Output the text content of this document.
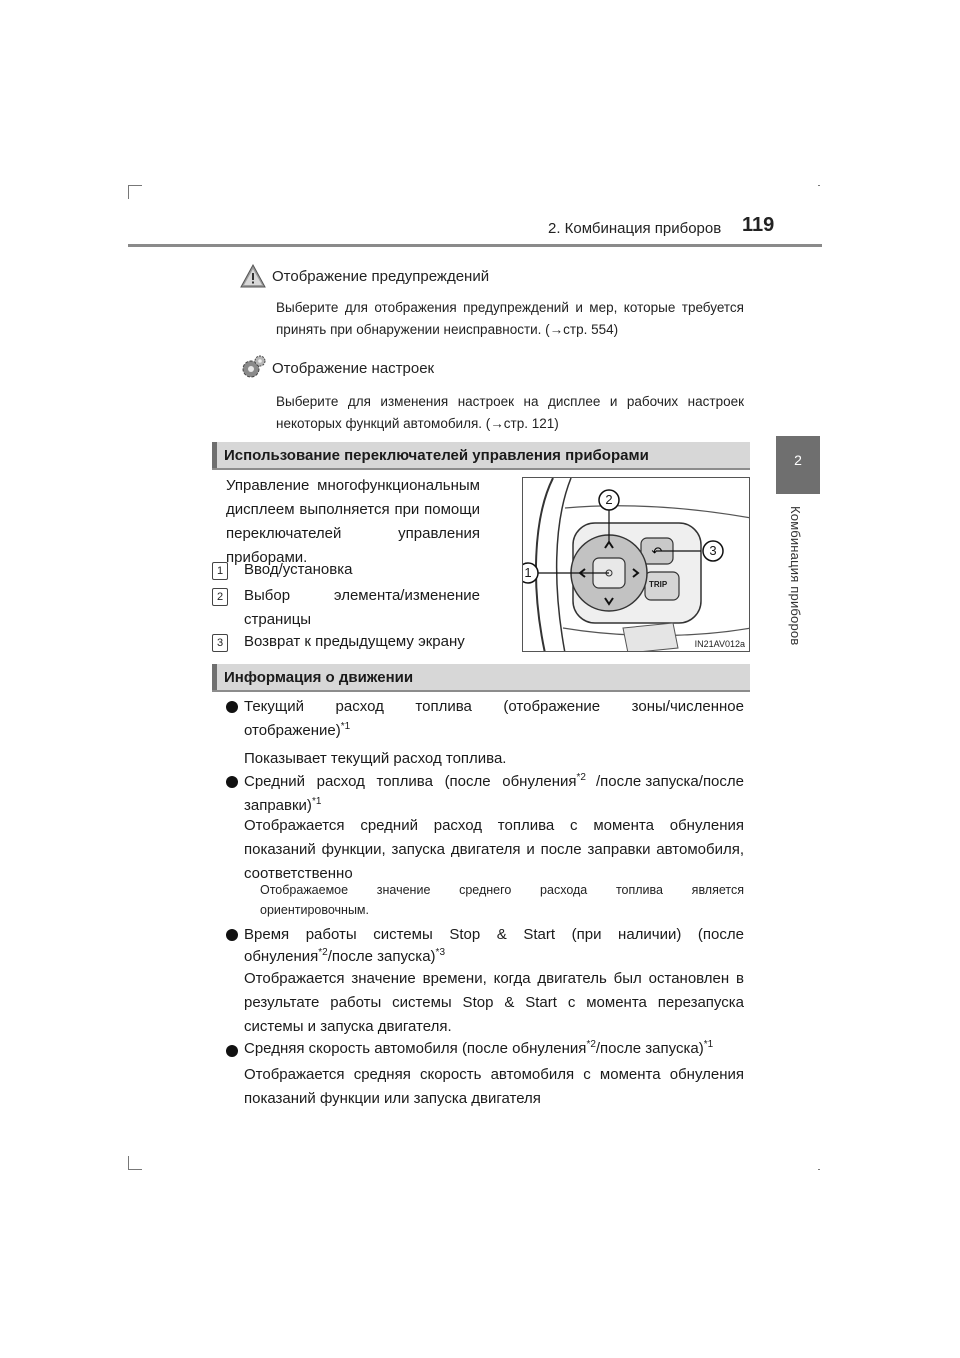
2. Комбинация приборов 119
2
Комбинация приборов
Отображение предупреждений
Выберите для отображения предупреждений и мер, которые требуется
принять при обнаружении неисправности. (→стр. 554)
Отображение настроек
Выберите для изменения настроек на дисплее и рабочих настроек
некоторых функций автомобиля. (→стр. 121)
Использование переключателей управления приборами
Управление многофункциональным
дисплеем выполняется при помощи
переключателей управления
приборами.
1	Ввод/установка
2	Выбор элемента/изменение
страницы
3	Возврат к предыдущему экрану
↶
2
1
3
TRIP
IN21AV012a
Информация о движении
Текущий расход топлива (отображение зоны/численное
отображение)$^{*1}$
Показывает текущий расход топлива.
Средний расход топлива (после обнуления $^{*2}$ /после запуска/после
заправки)$^{*1}$
Отображается средний расход топлива с момента обнуления
показаний функции, запуска двигателя и после заправки автомобиля,
соответственно
Отображаемое значение среднего расхода топлива является
ориентировочным.
Время работы системы Stop & Start (при наличии) (после
обнуления$^{*2}$/после запуска)$^{*3}$
Отображается значение времени, когда двигатель был остановлен в
результате работы системы Stop & Start с момента перезапуска
системы и запуска двигателя.
Средняя скорость автомобиля (после обнуления$^{*2}$/после запуска)$^{*1}$
Отображается средняя скорость автомобиля с момента обнуления
показаний функции или запуска двигателя
